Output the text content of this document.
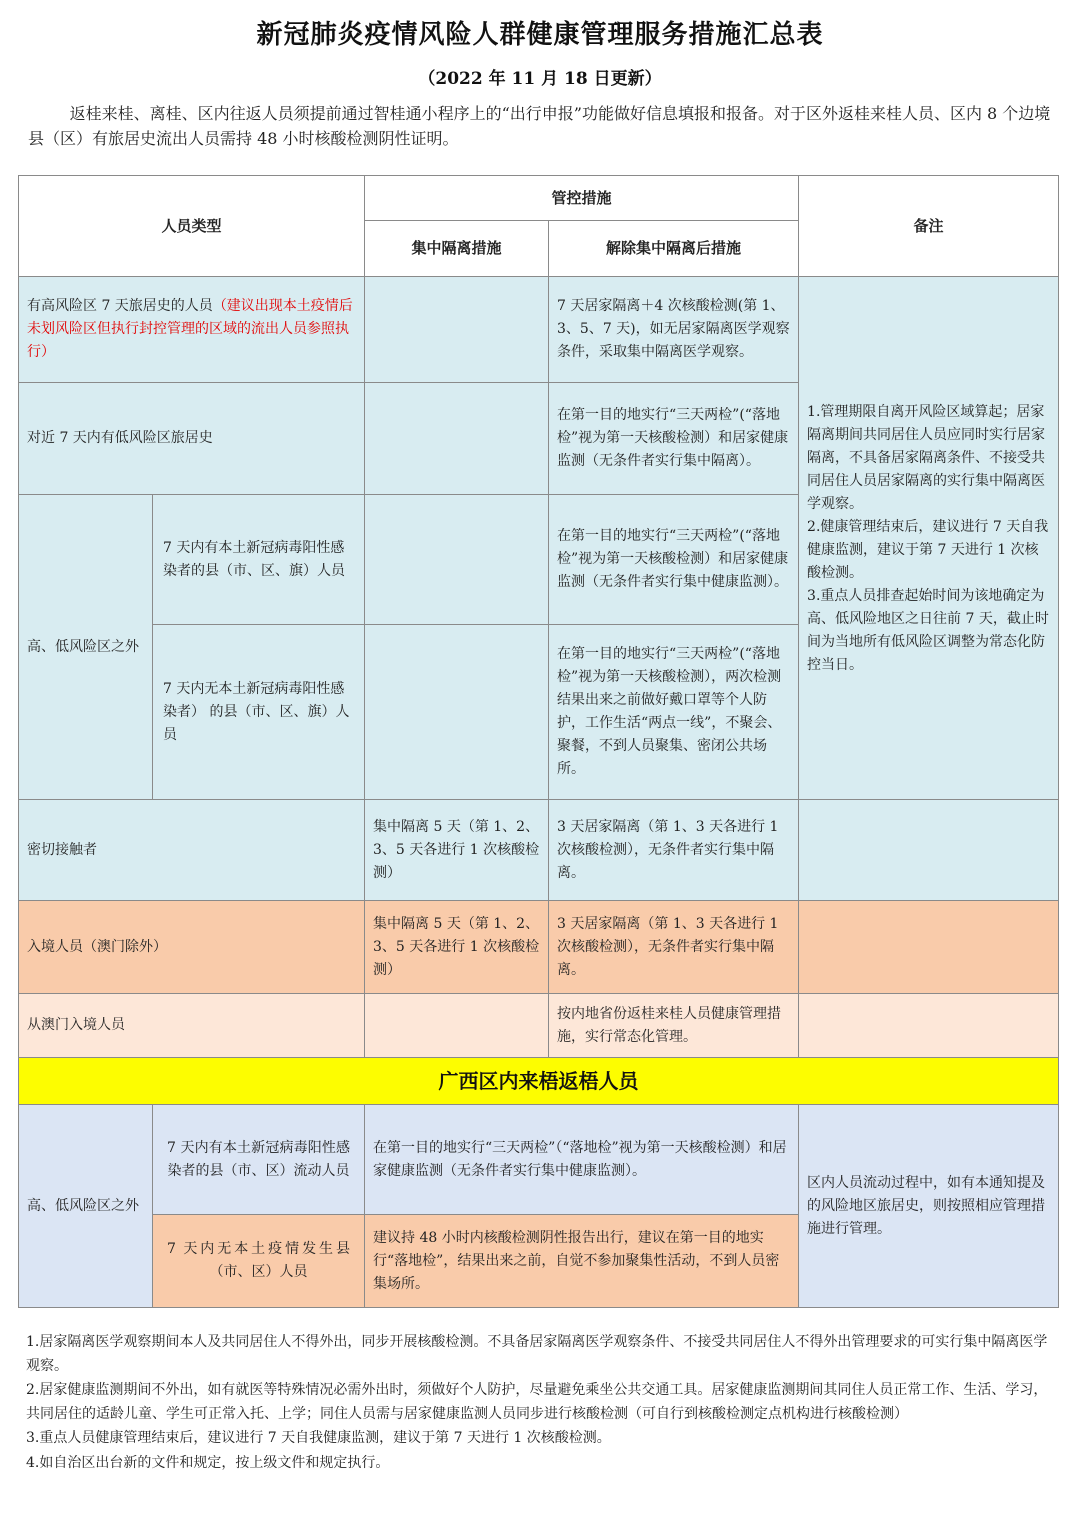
新冠肺炎疫情风险人群健康管理服务措施汇总表
（2022 年 11 月 18 日更新）

返桂来桂、离桂、区内往返人员须提前通过智桂通小程序上的“出行申报”功能做好信息填报和报备。对于区外返桂来桂人员、区内 8 个边境县（区）有旅居史流出人员需持 48 小时核酸检测阴性证明。

人员类型		管控措施		备注
		集中隔离措施	解除集中隔离后措施	
有高风险区 7 天旅居史的人员（建议出现本土疫情后未划风险区但执行封控管理的区域的流出人员参照执行）			7 天居家隔离＋4 次核酸检测(第 1、3、5、7 天)，如无居家隔离医学观察条件，采取集中隔离医学观察。	1.管理期限自离开风险区域算起；居家隔离期间共同居住人员应同时实行居家隔离，不具备居家隔离条件、不接受共同居住人员居家隔离的实行集中隔离医学观察。
2.健康管理结束后，建议进行 7 天自我健康监测，建议于第 7 天进行 1 次核酸检测。
3.重点人员排查起始时间为该地确定为高、低风险地区之日往前 7 天，截止时间为当地所有低风险区调整为常态化防控当日。
对近 7 天内有低风险区旅居史			在第一目的地实行“三天两检”(“落地检”视为第一天核酸检测）和居家健康监测（无条件者实行集中隔离）。	
高、低风险区之外	7 天内有本土新冠病毒阳性感染者的县（市、区、旗）人员		在第一目的地实行“三天两检”(“落地检”视为第一天核酸检测）和居家健康监测（无条件者实行集中健康监测）。	
	7 天内无本土新冠病毒阳性感染者） 的县（市、区、旗）人员		在第一目的地实行“三天两检”(“落地检”视为第一天核酸检测），两次检测结果出来之前做好戴口罩等个人防护，工作生活“两点一线”，不聚会、聚餐，不到人员聚集、密闭公共场所。	
密切接触者		集中隔离 5 天（第 1、2、3、5 天各进行 1 次核酸检测）	3 天居家隔离（第 1、3 天各进行 1 次核酸检测），无条件者实行集中隔离。	
入境人员（澳门除外）		集中隔离 5 天（第 1、2、3、5 天各进行 1 次核酸检测）	3 天居家隔离（第 1、3 天各进行 1 次核酸检测），无条件者实行集中隔离。	
从澳门入境人员			按内地省份返桂来桂人员健康管理措施，实行常态化管理。	
广西区内来梧返梧人员				
高、低风险区之外	7 天内有本土新冠病毒阳性感染者的县（市、区）流动人员	在第一目的地实行“三天两检”（“落地检”视为第一天核酸检测）和居家健康监测（无条件者实行集中健康监测）。		区内人员流动过程中，如有本通知提及的风险地区旅居史，则按照相应管理措施进行管理。
	7 天内无本土疫情发生县（市、区）人员	建议持 48 小时内核酸检测阴性报告出行，建议在第一目的地实行“落地检”，结果出来之前，自觉不参加聚集性活动，不到人员密集场所。		
1.居家隔离医学观察期间本人及共同居住人不得外出，同步开展核酸检测。不具备居家隔离医学观察条件、不接受共同居住人不得外出管理要求的可实行集中隔离医学观察。
2.居家健康监测期间不外出，如有就医等特殊情况必需外出时，须做好个人防护，尽量避免乘坐公共交通工具。居家健康监测期间其同住人员正常工作、生活、学习，共同居住的适龄儿童、学生可正常入托、上学；同住人员需与居家健康监测人员同步进行核酸检测（可自行到核酸检测定点机构进行核酸检测）
3.重点人员健康管理结束后，建议进行 7 天自我健康监测，建议于第 7 天进行 1 次核酸检测。
4.如自治区出台新的文件和规定，按上级文件和规定执行。
